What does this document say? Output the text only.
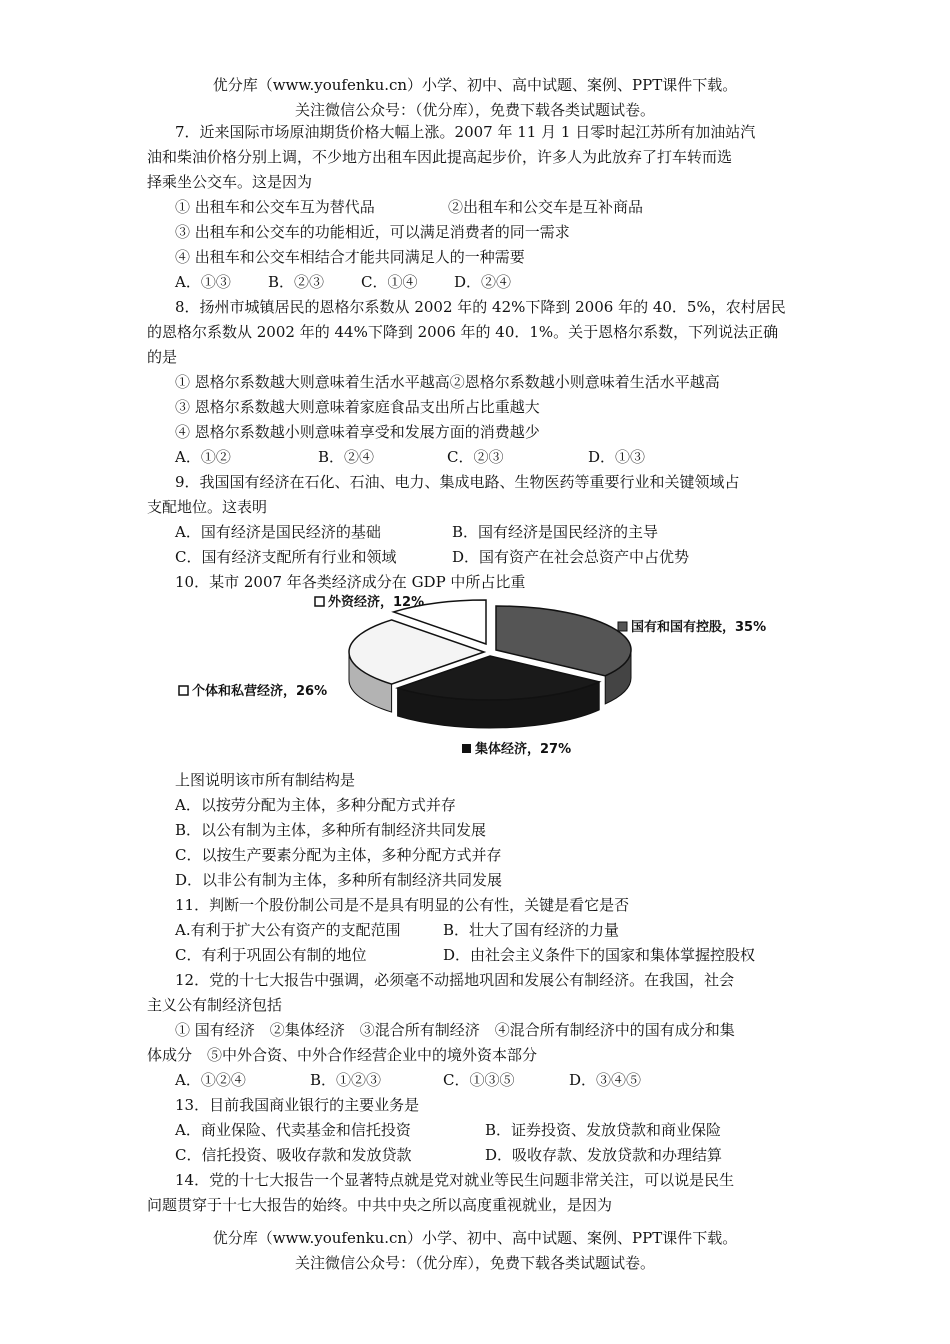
优分库（www.youfenku.cn）小学、初中、高中试题、案例、PPT课件下载。
关注微信公众号：（优分库），免费下载各类试题试卷。
7．近来国际市场原油期货价格大幅上涨。2007 年 11 月 1 日零时起江苏所有加油站汽
油和柴油价格分别上调，不少地方出租车因此提高起步价，许多人为此放弃了打车转而选
择乘坐公交车。这是因为
① 出租车和公交车互为替代品	②出租车和公交车是互补商品
③ 出租车和公交车的功能相近，可以满足消费者的同一需求
④ 出租车和公交车相结合才能共同满足人的一种需要
A．①③ B．②③ C．①④ D．②④
8．扬州市城镇居民的恩格尔系数从 2002 年的 42%下降到 2006 年的 40．5%，农村居民
的恩格尔系数从 2002 年的 44%下降到 2006 年的 40．1%。关于恩格尔系数，下列说法正确
的是
① 恩格尔系数越大则意味着生活水平越高②恩格尔系数越小则意味着生活水平越高
③ 恩格尔系数越大则意味着家庭食品支出所占比重越大
④ 恩格尔系数越小则意味着享受和发展方面的消费越少
A．①②	B．②④	C．②③	D．①③
9．我国国有经济在石化、石油、电力、集成电路、生物医药等重要行业和关键领域占
支配地位。这表明
A．国有经济是国民经济的基础	B．国有经济是国民经济的主导
C．国有经济支配所有行业和领域	D．国有资产在社会总资产中占优势
10．某市 2007 年各类经济成分在 GDP 中所占比重
外资经济，12%
国有和国有控股，35%
个体和私营经济，26%
集体经济，27%
上图说明该市所有制结构是
A．以按劳分配为主体，多种分配方式并存
B．以公有制为主体，多种所有制经济共同发展
C．以按生产要素分配为主体，多种分配方式并存
D．以非公有制为主体，多种所有制经济共同发展
11．判断一个股份制公司是不是具有明显的公有性，关键是看它是否
A.有利于扩大公有资产的支配范围	B．壮大了国有经济的力量
C．有利于巩固公有制的地位	D．由社会主义条件下的国家和集体掌握控股权
12．党的十七大报告中强调，必须毫不动摇地巩固和发展公有制经济。在我国，社会
主义公有制经济包括
① 国有经济　②集体经济　③混合所有制经济　④混合所有制经济中的国有成分和集
体成分　⑤中外合资、中外合作经营企业中的境外资本部分
A．①②④	B．①②③	C．①③⑤	D．③④⑤
13．目前我国商业银行的主要业务是
A．商业保险、代卖基金和信托投资	B．证券投资、发放贷款和商业保险
C．信托投资、吸收存款和发放贷款	D．吸收存款、发放贷款和办理结算
14．党的十七大报告一个显著特点就是党对就业等民生问题非常关注，可以说是民生
问题贯穿于十七大报告的始终。中共中央之所以高度重视就业，是因为
优分库（www.youfenku.cn）小学、初中、高中试题、案例、PPT课件下载。
关注微信公众号：（优分库），免费下载各类试题试卷。
